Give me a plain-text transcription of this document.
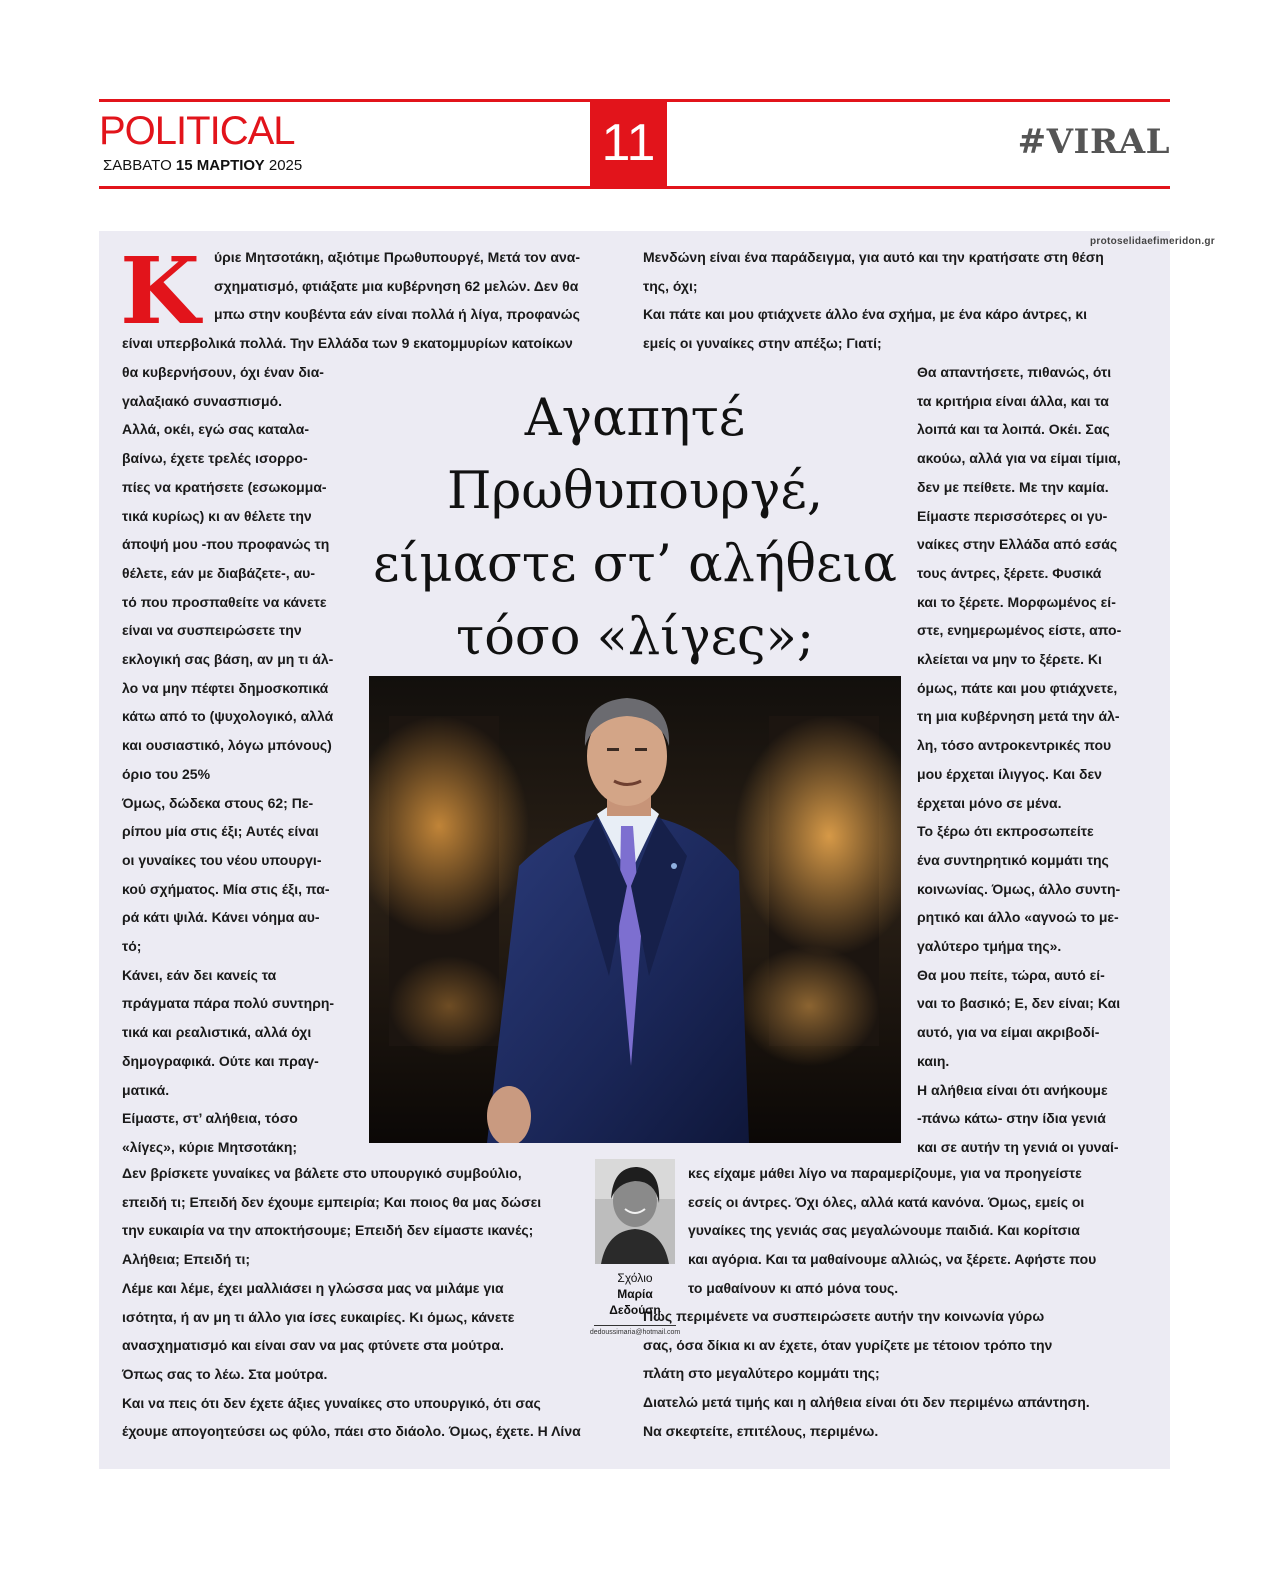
POLITICAL
ΣΑΒΒΑΤΟ 15 ΜΑΡΤΙΟΥ 2025	11	#VIRAL
protoselidaefimeridon.gr
Κ ύριε Μητσοτάκη, αξιότιμε Πρωθυπουργέ, Μετά τον ανα-
σχηματισμό, φτιάξατε μια κυβέρνηση 62 μελών. Δεν θα
μπω στην κουβέντα εάν είναι πολλά ή λίγα, προφανώς
είναι υπερβολικά πολλά. Την Ελλάδα των 9 εκατομμυρίων κατοίκων
θα κυβερνήσουν, όχι έναν δια-
γαλαξιακό συνασπισμό.
Αλλά, οκέι, εγώ σας καταλα-
βαίνω, έχετε τρελές ισορρο-
πίες να κρατήσετε (εσωκομμα-
τικά κυρίως) κι αν θέλετε την
άποψή μου -που προφανώς τη
θέλετε, εάν με διαβάζετε-, αυ-
τό που προσπαθείτε να κάνετε
είναι να συσπειρώσετε την
εκλογική σας βάση, αν μη τι άλ-
λο να μην πέφτει δημοσκοπικά
κάτω από το (ψυχολογικό, αλλά
και ουσιαστικό, λόγω μπόνους)
όριο του 25%
Όμως, δώδεκα στους 62; Πε-
ρίπου μία στις έξι; Αυτές είναι
οι γυναίκες του νέου υπουργι-
κού σχήματος. Μία στις έξι, πα-
ρά κάτι ψιλά. Κάνει νόημα αυ-
τό;
Κάνει, εάν δει κανείς τα
πράγματα πάρα πολύ συντηρη-
τικά και ρεαλιστικά, αλλά όχι
δημογραφικά. Ούτε και πραγ-
ματικά.
Είμαστε, στ’ αλήθεια, τόσο
«λίγες», κύριε Μητσοτάκη;
Δεν βρίσκετε γυναίκες να βάλετε στο υπουργικό συμβούλιο,
επειδή τι; Επειδή δεν έχουμε εμπειρία; Και ποιος θα μας δώσει
την ευκαιρία να την αποκτήσουμε; Επειδή δεν είμαστε ικανές;
Αλήθεια; Επειδή τι;
Λέμε και λέμε, έχει μαλλιάσει η γλώσσα μας να μιλάμε για
ισότητα, ή αν μη τι άλλο για ίσες ευκαιρίες. Κι όμως, κάνετε
ανασχηματισμό και είναι σαν να μας φτύνετε στα μούτρα.
Όπως σας το λέω. Στα μούτρα.
Και να πεις ότι δεν έχετε άξιες γυναίκες στο υπουργικό, ότι σας
έχουμε απογοητεύσει ως φύλο, πάει στο διάολο. Όμως, έχετε. Η Λίνα
Μενδώνη είναι ένα παράδειγμα, για αυτό και την κρατήσατε στη θέση
της, όχι;
Και πάτε και μου φτιάχνετε άλλο ένα σχήμα, με ένα κάρο άντρες, κι
εμείς οι γυναίκες στην απέξω; Γιατί;
Θα απαντήσετε, πιθανώς, ότι
τα κριτήρια είναι άλλα, και τα
λοιπά και τα λοιπά. Οκέι. Σας
ακούω, αλλά για να είμαι τίμια,
δεν με πείθετε. Με την καμία.
Είμαστε περισσότερες οι γυ-
ναίκες στην Ελλάδα από εσάς
τους άντρες, ξέρετε. Φυσικά
και το ξέρετε. Μορφωμένος εί-
στε, ενημερωμένος είστε, απο-
κλείεται να μην το ξέρετε. Κι
όμως, πάτε και μου φτιάχνετε,
τη μια κυβέρνηση μετά την άλ-
λη, τόσο αντροκεντρικές που
μου έρχεται ίλιγγος. Και δεν
έρχεται μόνο σε μένα.
Το ξέρω ότι εκπροσωπείτε
ένα συντηρητικό κομμάτι της
κοινωνίας. Όμως, άλλο συντη-
ρητικό και άλλο «αγνοώ το με-
γαλύτερο τμήμα της».
Θα μου πείτε, τώρα, αυτό εί-
ναι το βασικό; Ε, δεν είναι; Και
αυτό, για να είμαι ακριβοδί-
καιη.
Η αλήθεια είναι ότι ανήκουμε
-πάνω κάτω- στην ίδια γενιά
και σε αυτήν τη γενιά οι γυναί-
κες είχαμε μάθει λίγο να παραμερίζουμε, για να προηγείστε
εσείς οι άντρες. Όχι όλες, αλλά κατά κανόνα. Όμως, εμείς οι
γυναίκες της γενιάς σας μεγαλώνουμε παιδιά. Και κορίτσια
και αγόρια. Και τα μαθαίνουμε αλλιώς, να ξέρετε. Αφήστε που
το μαθαίνουν κι από μόνα τους.
Πώς περιμένετε να συσπειρώσετε αυτήν την κοινωνία γύρω
σας, όσα δίκια κι αν έχετε, όταν γυρίζετε με τέτοιον τρόπο την
πλάτη στο μεγαλύτερο κομμάτι της;
Διατελώ μετά τιμής και η αλήθεια είναι ότι δεν περιμένω απάντηση.
Να σκεφτείτε, επιτέλους, περιμένω.
Αγαπητέ
Πρωθυπουργέ,
είμαστε στ’ αλήθεια
τόσο «λίγες»;
Σχόλιο
Μαρία
Δεδούση
dedoussimaria@hotmail.com
